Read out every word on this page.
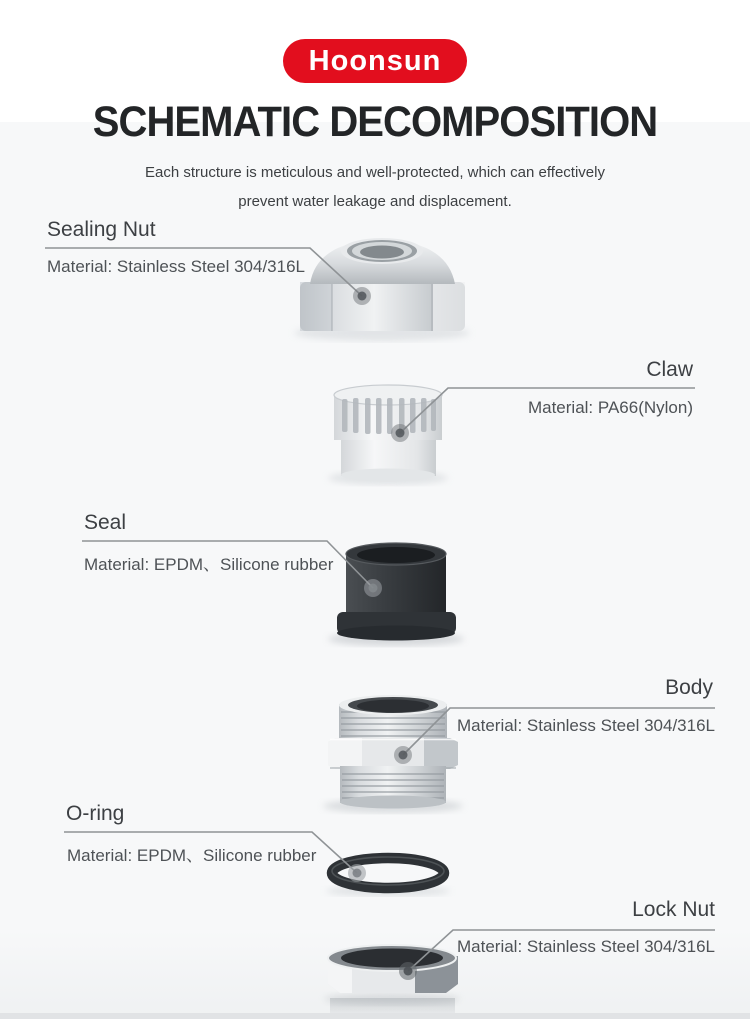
Hoonsun
SCHEMATIC DECOMPOSITION

Each structure is meticulous and well-protected, which can effectively
prevent water leakage and displacement.

Sealing Nut
Material: Stainless Steel 304/316L
Claw
Material: PA66(Nylon)
Seal
Material: EPDM、Silicone rubber
Body
Material: Stainless Steel 304/316L
O-ring
Material: EPDM、Silicone rubber
Lock Nut
Material: Stainless Steel 304/316L
